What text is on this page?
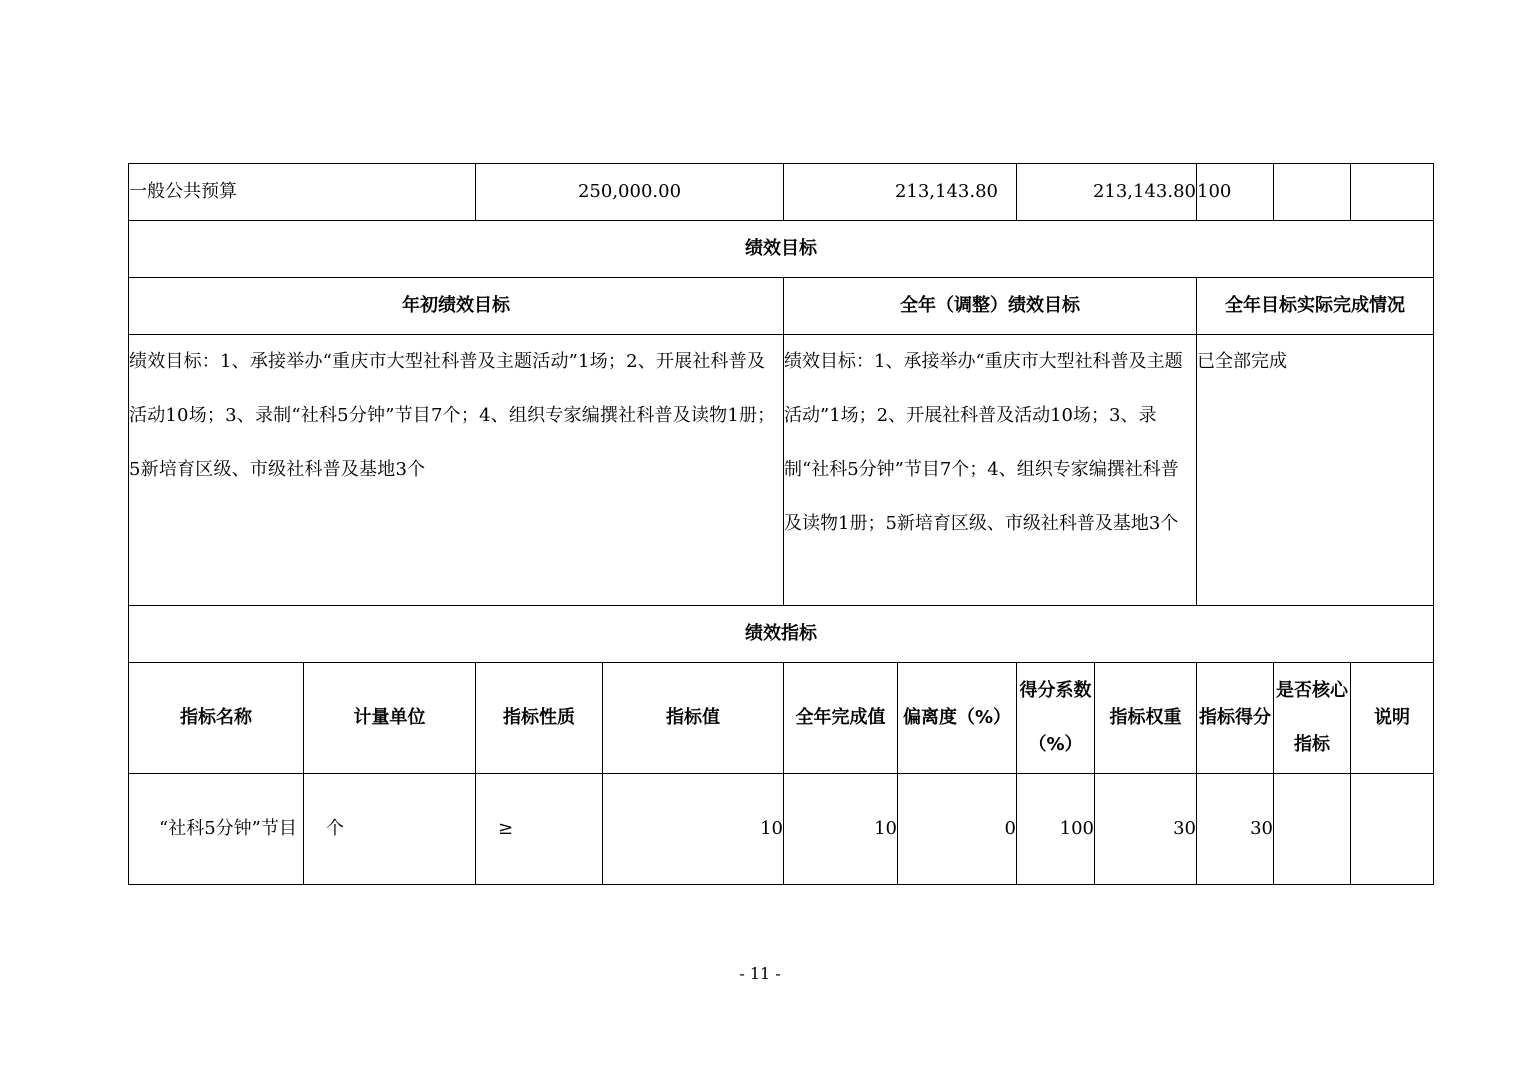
一般公共预算		250,000.00		213,143.80		213,143.80		100		
绩效目标										
年初绩效目标				全年（调整）绩效目标				全年目标实际完成情况		
绩效目标：1、承接举办“重庆市大型社科普及主题活动”1场；2、开展社科普及活动10场；3、录制“社科5分钟”节目7个；4、组织专家编撰社科普及读物1册；5新培育区级、市级社科普及基地3个				绩效目标：1、承接举办“重庆市大型社科普及主题活动”1场；2、开展社科普及活动10场；3、录制“社科5分钟”节目7个；4、组织专家编撰社科普及读物1册；5新培育区级、市级社科普及基地3个				已全部完成		
绩效指标										
指标名称	计量单位	指标性质	指标值	全年完成值	偏离度（%）	得分系数（%）	指标权重	指标得分	是否核心指标	说明
“社科5分钟”节目	个	≥	10	10	0	100	30	30		
- 11 -
